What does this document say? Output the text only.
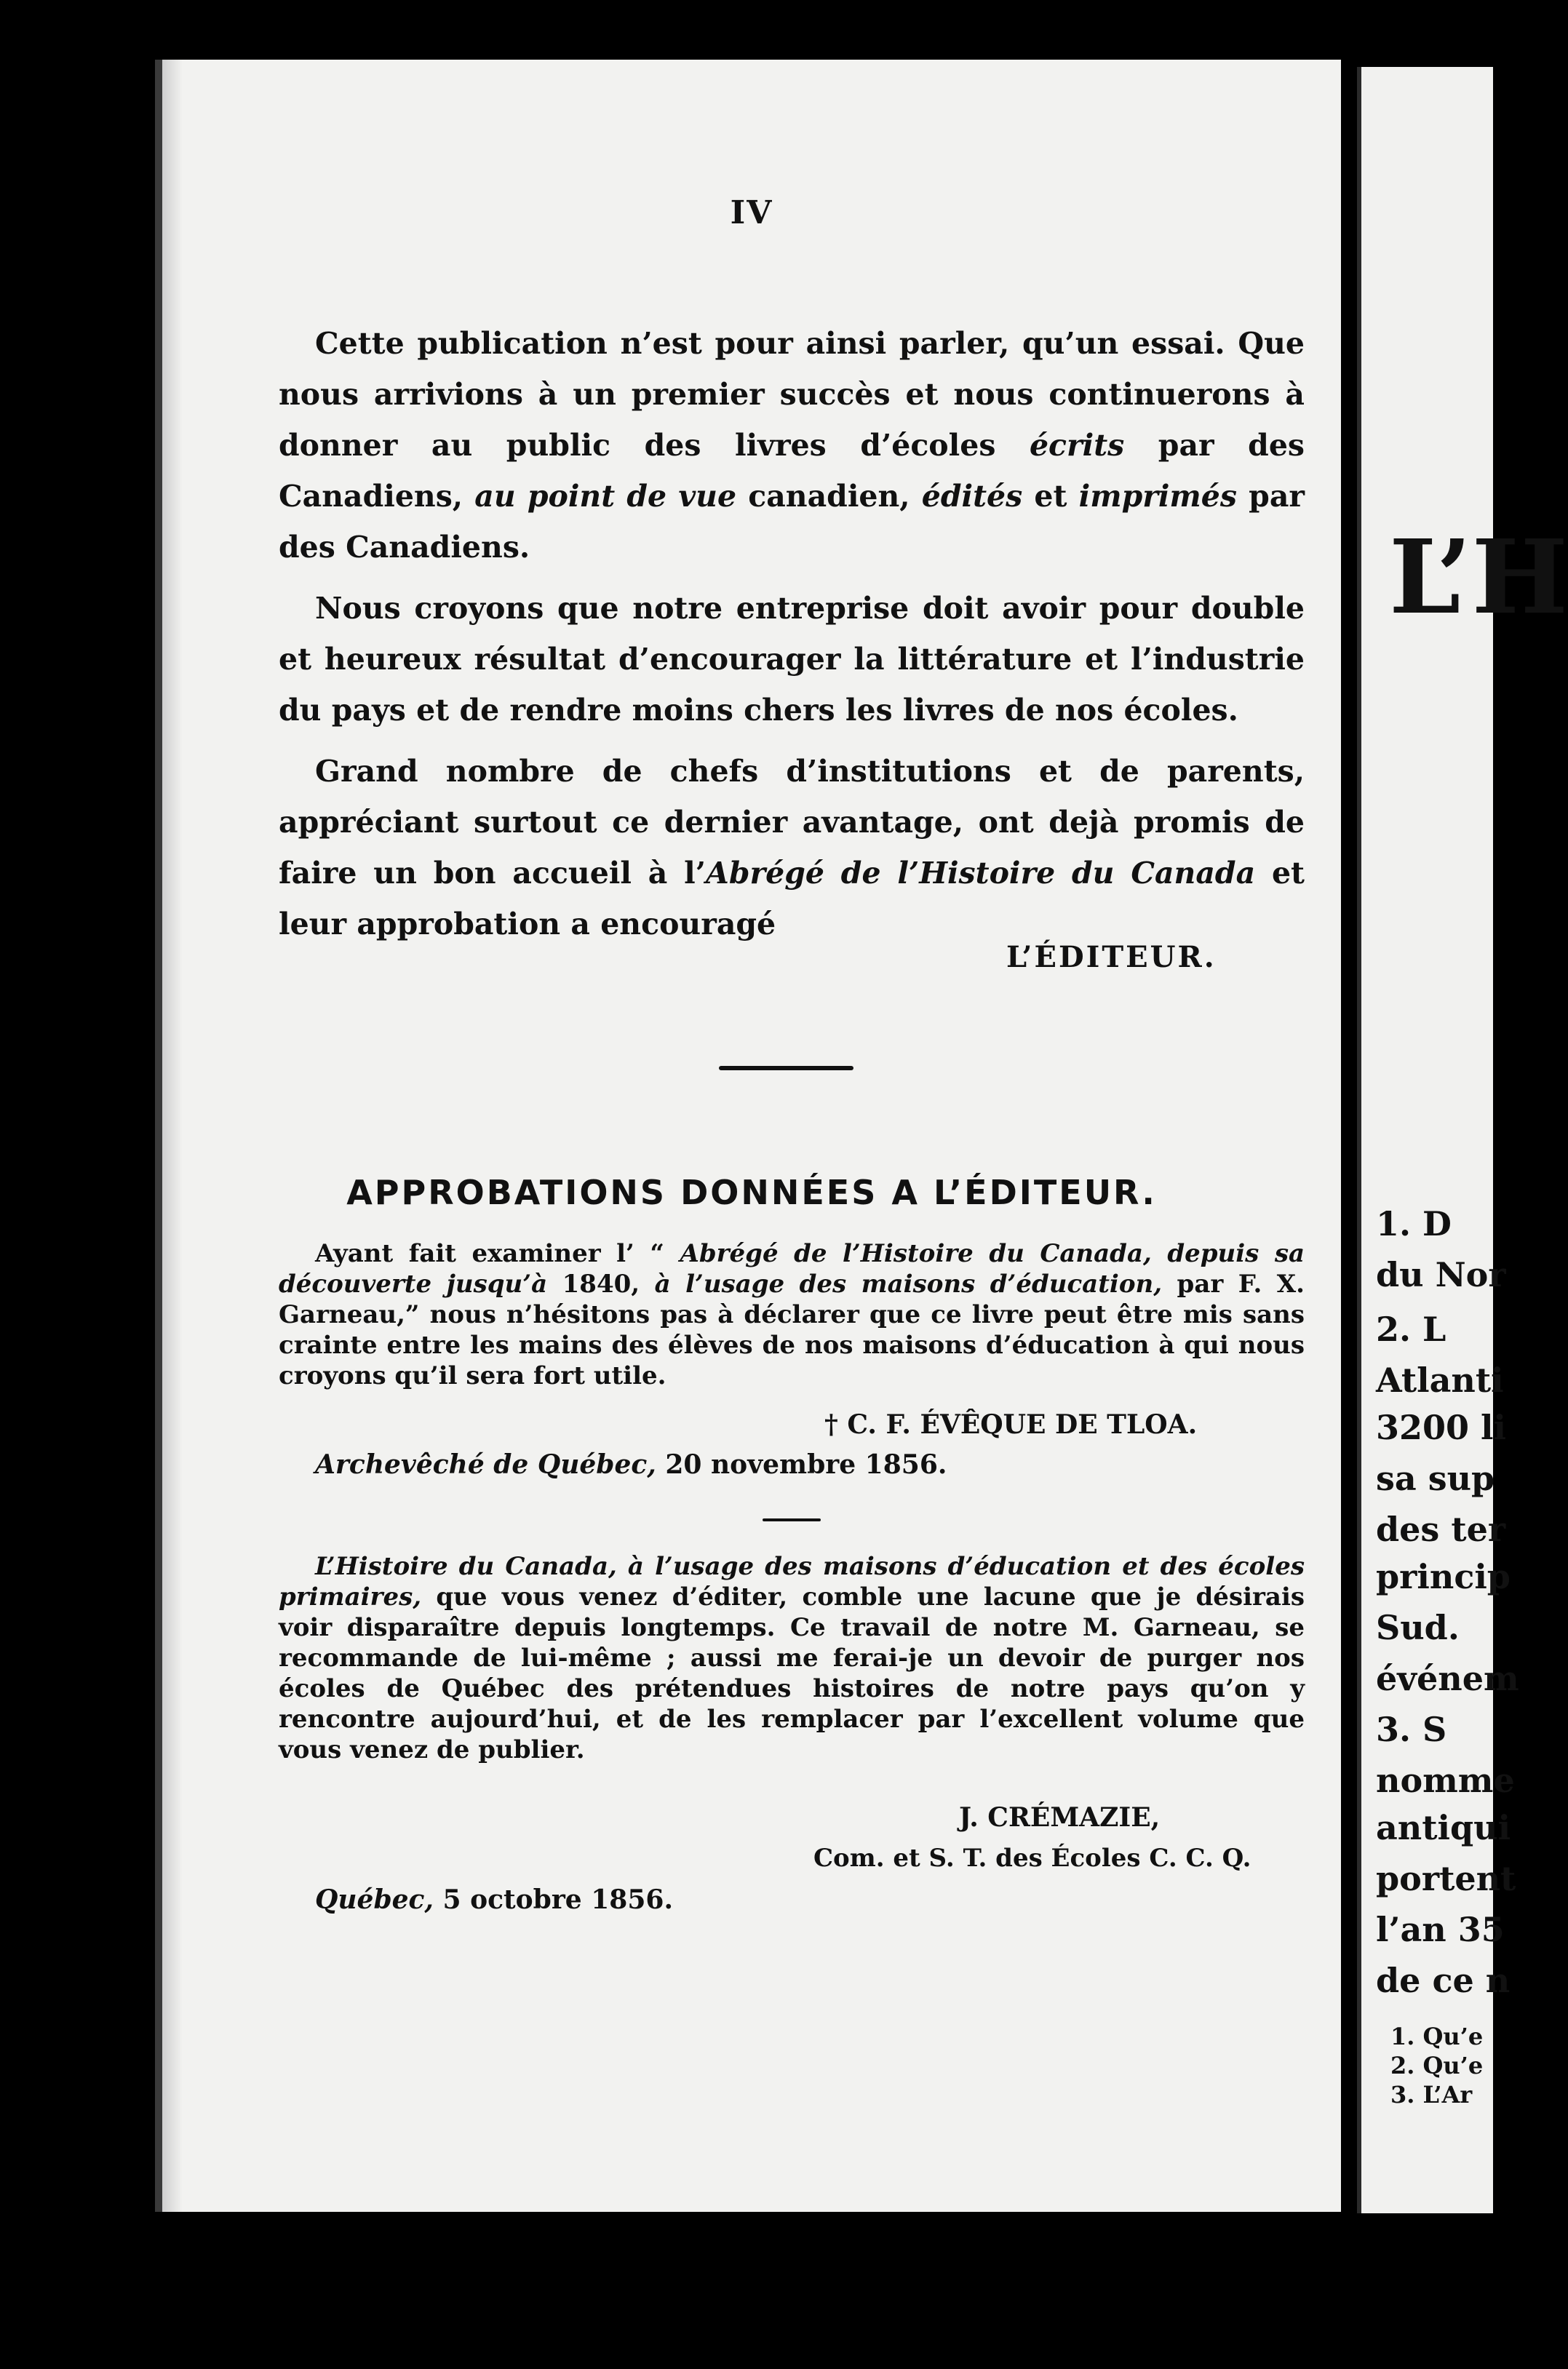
IV

Cette publication n’est pour ainsi parler, qu’un essai. Que nous arrivions à un premier succès et nous continuerons à donner au public des livres d’écoles écrits par des Canadiens, au point de vue canadien, édités et imprimés par des Canadiens.

Nous croyons que notre entreprise doit avoir pour double et heureux résultat d’encourager la littérature et l’industrie du pays et de rendre moins chers les livres de nos écoles.

Grand nombre de chefs d’institutions et de parents, appréciant surtout ce dernier avantage, ont dejà promis de faire un bon accueil à l’Abrégé de l’Histoire du Canada et leur approbation a encouragé

L’ÉDITEUR.
APPROBATIONS DONNÉES A L’ÉDITEUR.

Ayant fait examiner l’ “ Abrégé de l’Histoire du Canada, depuis sa découverte jusqu’à 1840, à l’usage des maisons d’éducation, par F. X. Garneau,” nous n’hésitons pas à déclarer que ce livre peut être mis sans crainte entre les mains des élèves de nos maisons d’éducation à qui nous croyons qu’il sera fort utile.

† C. F. ÉVÊQUE DE TLOA.
Archevêché de Québec, 20 novembre 1856.

L’Histoire du Canada, à l’usage des maisons d’éducation et des écoles primaires, que vous venez d’éditer, comble une lacune que je désirais voir disparaître depuis longtemps. Ce travail de notre M. Garneau, se recommande de lui-même ; aussi me ferai-je un devoir de purger nos écoles de Québec des prétendues histoires de notre pays qu’on y rencontre aujourd’hui, et de les remplacer par l’excellent volume que vous venez de publier.

J. CRÉMAZIE,
Com. et S. T. des Écoles C. C. Q.
Québec, 5 octobre 1856.
L’H
1. D
du Nor
2. L
Atlanti
3200 li
sa sup
des ter
princip
Sud.
événem
3. S
nomme
antiqui
portent
l’an 35
de ce n
1. Qu’e
2. Qu’e
3. L’Ar
